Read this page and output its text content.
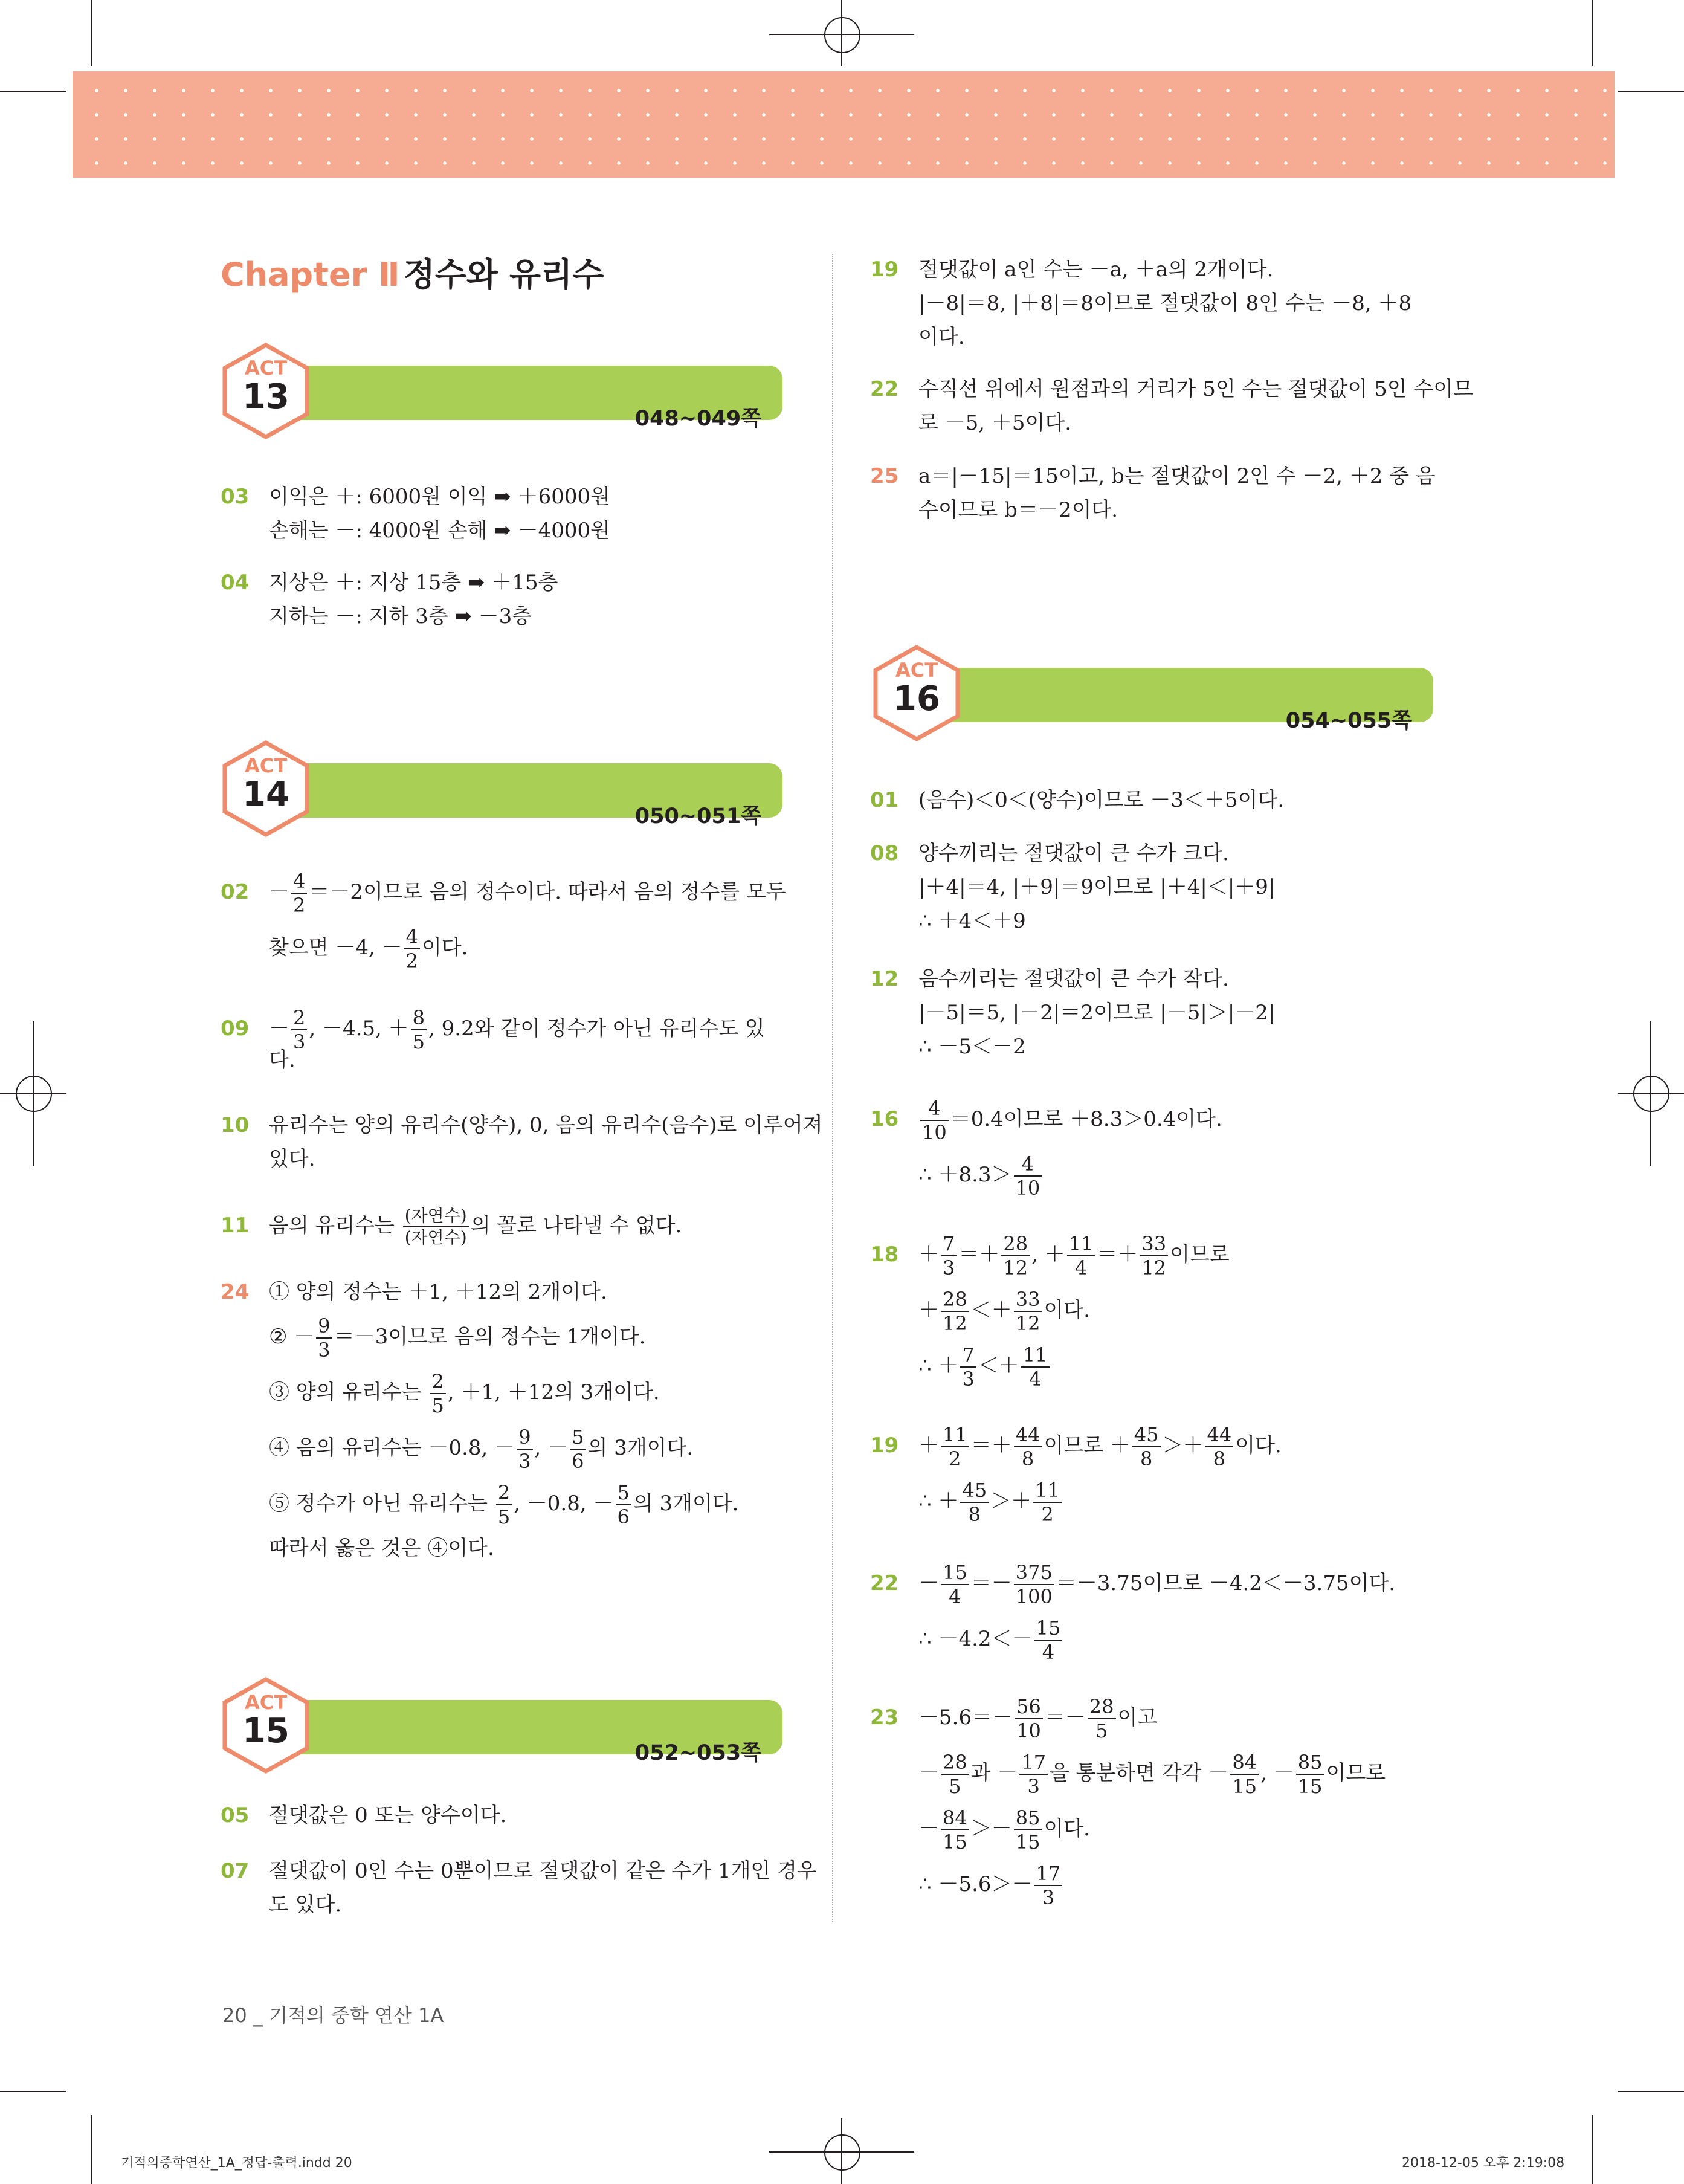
Chapter Ⅱ 정수와 유리수
048~049쪽
ACT
13
03 이익은 ＋: 6000원 이익 ➡ ＋6000원
손해는 －: 4000원 손해 ➡ －4000원
04 지상은 ＋: 지상 15층 ➡ ＋15층
지하는 －: 지하 3층 ➡ －3층
050~051쪽
ACT
14
$02 - \frac{4}{2} =-2$이므로 음의 정수이다. 따라서 음의 정수를 모두
찾으면 －4, － $\frac{4}{2}$ 이다.
$09 - \frac{2}{3}$ , －4.5, ＋ $\frac{8}{5}$ , 9.2와 같이 정수가 아닌 유리수도 있
다.
10 유리수는 양의 유리수(양수), 0, 음의 유리수(음수)로 이루어져
있다.
11 음의 유리수는 $\frac{\text{(자연수)}}{\text{(자연수)}}$ 의 꼴로 나타낼 수 없다.
24 ① 양의 정수는 ＋1, ＋12의 2개이다.
② － $\frac{9}{3} =-3$이므로 음의 정수는 1개이다.
③ 양의 유리수는 $\frac{2}{5}$ , ＋1, ＋12의 3개이다.
④ 음의 유리수는 －0.8, － $\frac{9}{3}$ , － $\frac{5}{6}$ 의 3개이다.
⑤ 정수가 아닌 유리수는 $\frac{2}{5}$ , －0.8, － $\frac{5}{6}$ 의 3개이다.
따라서 옳은 것은 ④이다.
052~053쪽
ACT
15
05 절댓값은 0 또는 양수이다.
07 절댓값이 0인 수는 0뿐이므로 절댓값이 같은 수가 1개인 경우
도 있다.
19 절댓값이 a인 수는 －a, ＋a의 2개이다.
|－8|＝8, |＋8|＝8이므로 절댓값이 8인 수는 －8, ＋8
이다.
22 수직선 위에서 원점과의 거리가 5인 수는 절댓값이 5인 수이므
로 －5, ＋5이다.
25 a＝|－15|＝15이고, b는 절댓값이 2인 수 －2, ＋2 중 음
수이므로 b＝－2이다.
054~055쪽
ACT
16
01 (음수)＜0＜(양수)이므로 －3＜＋5이다.
08 양수끼리는 절댓값이 큰 수가 크다.
|＋4|＝4, |＋9|＝9이므로 |＋4|＜|＋9|
∴ ＋4＜＋9
12 음수끼리는 절댓값이 큰 수가 작다.
|－5|＝5, |－2|＝2이므로 |－5|＞|－2|
∴ －5＜－2
$16 \frac{4}{10} =0.4$이므로 ＋8.3＞0.4이다.
∴ $+8.3> \frac{4}{10}$
$18 + \frac{7}{3} =+ \frac{28}{12}$ , ＋ $\frac{11}{4} =+ \frac{33}{12}$ 이므로
＋ $\frac{28}{12} <+ \frac{33}{12}$ 이다.
∴ ＋ $\frac{7}{3} <+ \frac{11}{4}$
$19 + \frac{11}{2} =+ \frac{44}{8}$ 이므로 ＋ $\frac{45}{8} >+ \frac{44}{8}$ 이다.
∴ ＋ $\frac{45}{8} >+ \frac{11}{2}$
$22 - \frac{15}{4} =- \frac{375}{100} =-3.75$이므로 －4.2＜－3.75이다.
∴ $-4.2<- \frac{15}{4}$
$23 -5.6=- \frac{56}{10} =- \frac{28}{5}$ 이고
－ $\frac{28}{5}$ 과 － $\frac{17}{3}$ 을 통분하면 각각 － $\frac{84}{15}$ , － $\frac{85}{15}$ 이므로
－ $\frac{84}{15} >- \frac{85}{15}$ 이다.
∴ $-5.6>- \frac{17}{3}$
20 _ 기적의 중학 연산 1A
기적의중학연산_1A_정답-출력.indd 20	2018-12-05 오후 2:19:08
